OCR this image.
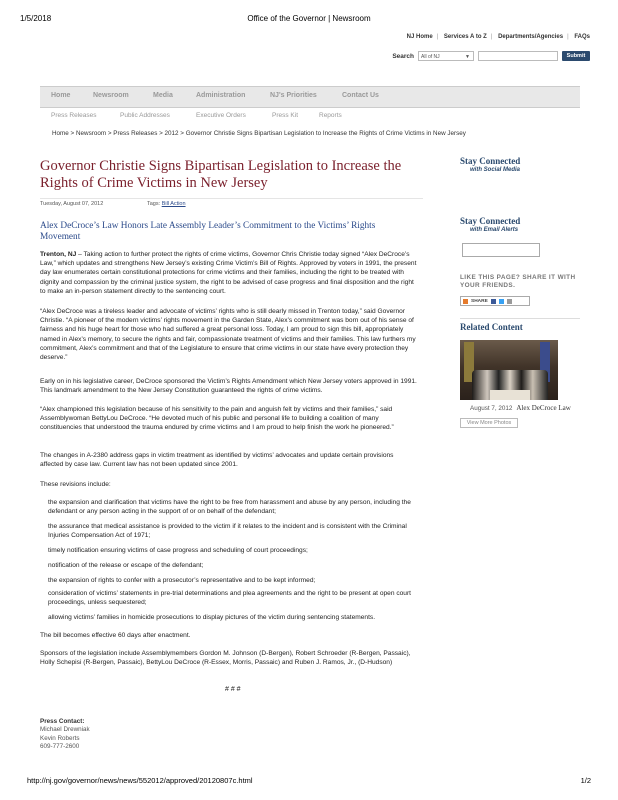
1/5/2018	Office of the Governor | Newsroom
NJ Home | Services A to Z | Departments/Agencies | FAQs
Search	All of NJ	▼	Submit
Home	Newsroom	Media	Administration	NJ's Priorities	Contact Us
Press Releases	Public Addresses	Executive Orders	Press Kit	Reports
Home > Newsroom > Press Releases > 2012 > Governor Christie Signs Bipartisan Legislation to Increase the Rights of Crime Victims in New Jersey
Governor Christie Signs Bipartisan Legislation to Increase the Rights of Crime Victims in New Jersey
Tuesday, August 07, 2012	Tags: Bill Action
Alex DeCroce’s Law Honors Late Assembly Leader’s Commitment to the Victims’ Rights Movement

Trenton, NJ – Taking action to further protect the rights of crime victims, Governor Chris Christie today signed “Alex DeCroce’s Law,” which updates and strengthens New Jersey’s existing Crime Victim’s Bill of Rights. Approved by voters in 1991, the present day law enumerates certain constitutional protections for crime victims and their families, including the right to be treated with dignity and compassion by the criminal justice system, the right to be advised of case progress and final disposition and the right to make an in-person statement directly to the sentencing court.

“Alex DeCroce was a tireless leader and advocate of victims’ rights who is still dearly missed in Trenton today,” said Governor Christie. “A pioneer of the modern victims’ rights movement in the Garden State, Alex’s commitment was born out of his sense of fairness and his huge heart for those who had suffered a great personal loss. Today, I am proud to sign this bill, appropriately named in Alex’s memory, to secure the rights and fair, compassionate treatment of victims and their families. This law furthers my commitment, Alex’s commitment and that of the Legislature to ensure that crime victims in our state have every protection they deserve.”

Early on in his legislative career, DeCroce sponsored the Victim’s Rights Amendment which New Jersey voters approved in 1991. This landmark amendment to the New Jersey Constitution guaranteed the rights of crime victims.

“Alex championed this legislation because of his sensitivity to the pain and anguish felt by victims and their families,” said Assemblywoman BettyLou DeCroce. “He devoted much of his public and personal life to building a coalition of many constituencies that understood the trauma endured by crime victims and I am proud to help finish the work he pioneered.”

The changes in A-2380 address gaps in victim treatment as identified by victims’ advocates and update certain provisions affected by case law. Current law has not been updated since 2001.

These revisions include:

the expansion and clarification that victims have the right to be free from harassment and abuse by any person, including the defendant or any person acting in the support of or on behalf of the defendant;

the assurance that medical assistance is provided to the victim if it relates to the incident and is consistent with the Criminal Injuries Compensation Act of 1971;

timely notification ensuring victims of case progress and scheduling of court proceedings;

notification of the release or escape of the defendant;

the expansion of rights to confer with a prosecutor’s representative and to be kept informed;

consideration of victims’ statements in pre-trial determinations and plea agreements and the right to be present at open court proceedings, unless sequestered;

allowing victims’ families in homicide prosecutions to display pictures of the victim during sentencing statements.

The bill becomes effective 60 days after enactment.

Sponsors of the legislation include Assemblymembers Gordon M. Johnson (D-Bergen), Robert Schroeder (R-Bergen, Passaic), Holly Schepisi (R-Bergen, Passaic), BettyLou DeCroce (R-Essex, Morris, Passaic) and Ruben J. Ramos, Jr., (D-Hudson)

# # #
Press Contact:
Michael Drewniak
Kevin Roberts
609-777-2600
Stay Connected
with Social Media
Stay Connected
with Email Alerts
LIKE THIS PAGE? SHARE IT WITH YOUR FRIENDS.
SHARE
Related Content
August 7, 2012 Alex DeCroce Law
View More Photos
http://nj.gov/governor/news/news/552012/approved/20120807c.html	1/2
